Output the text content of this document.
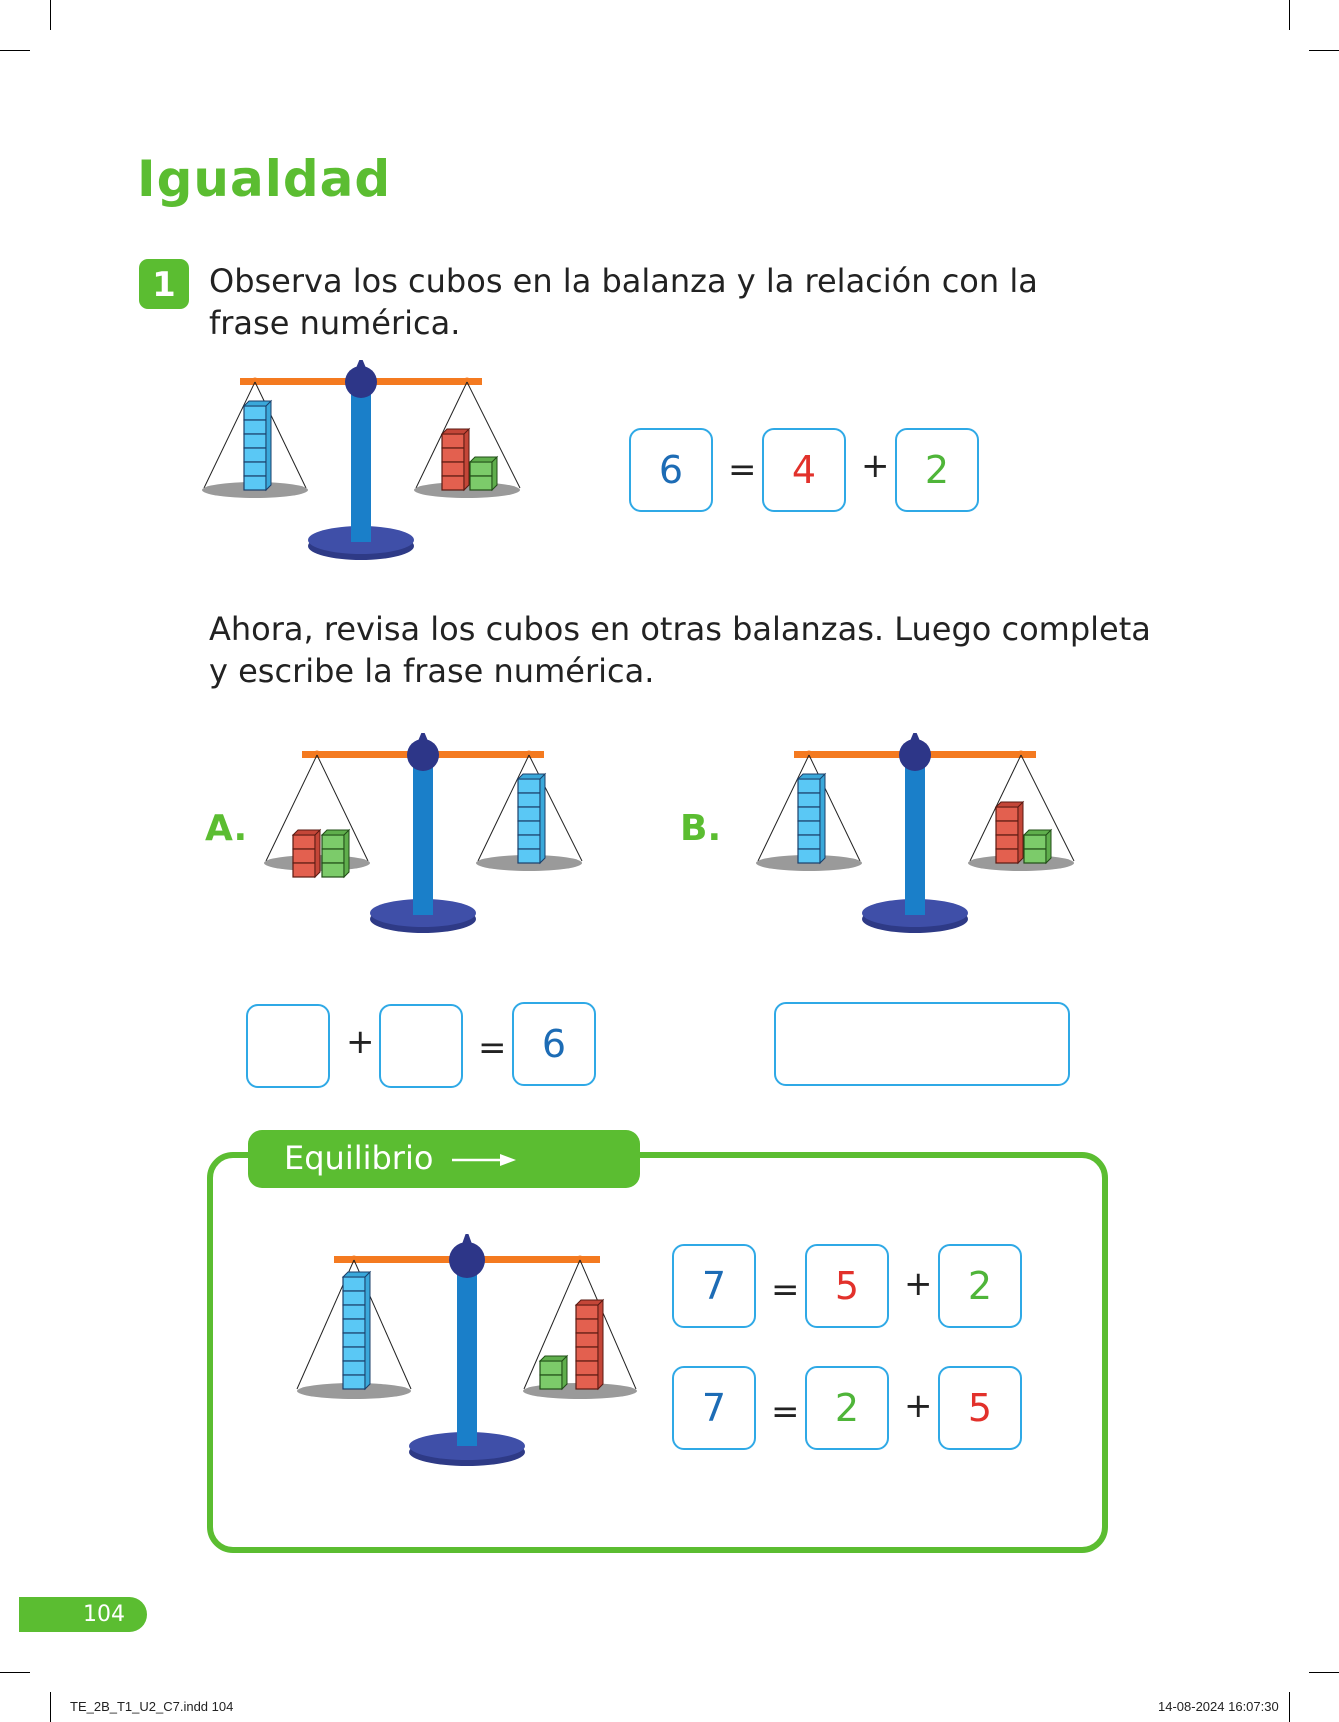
Igualdad
1	Observa los cubos en la balanza y la relación con la
frase numérica.
6	= 4	+ 2
Ahora, revisa los cubos en otras balanzas. Luego completa
y escribe la frase numérica.
A.
+	= 6
B.
Equilibrio  igualdad
7	= 5	+ 2
7	= 2	+ 5
104
TE_2B_T1_U2_C7.indd 104	14-08-2024 16:07:30
